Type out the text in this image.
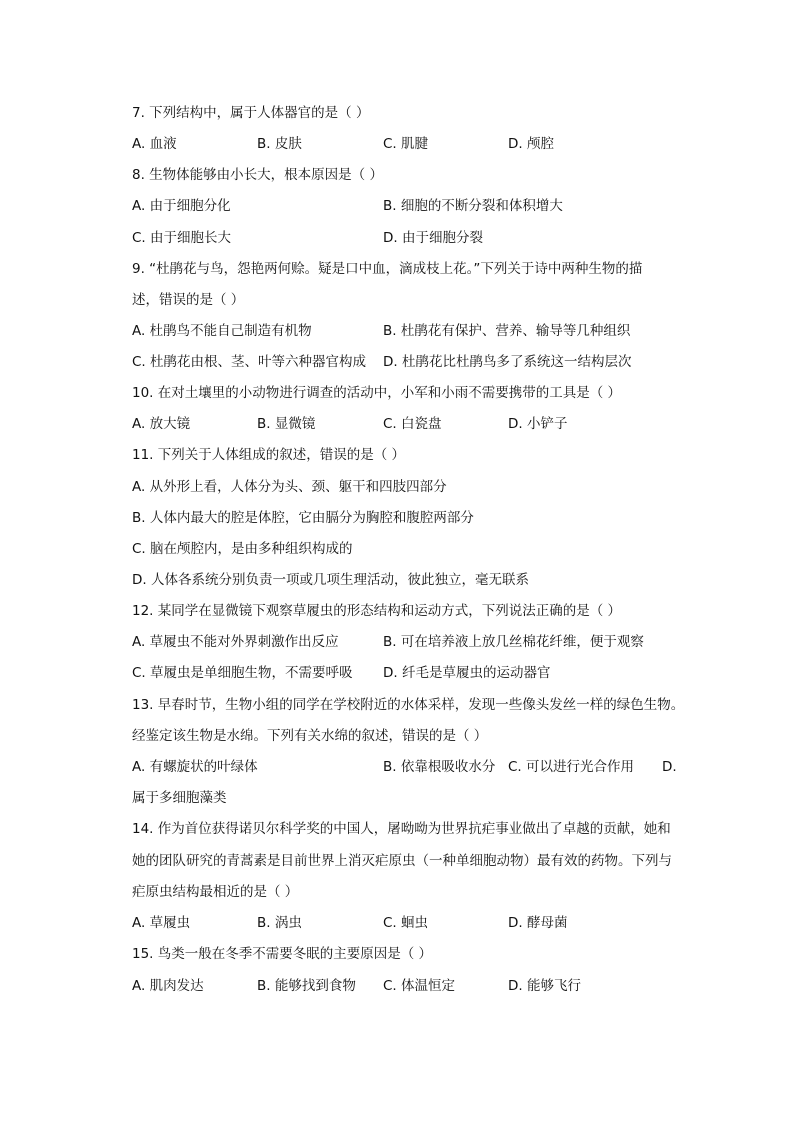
7. 下列结构中，属于人体器官的是（ ）
A. 血液	B. 皮肤	C. 肌腱	D. 颅腔
8. 生物体能够由小长大，根本原因是（ ）
A. 由于细胞分化	B. 细胞的不断分裂和体积增大
C. 由于细胞长大	D. 由于细胞分裂
9. “杜鹃花与鸟，怨艳两何赊。疑是口中血，滴成枝上花。”下列关于诗中两种生物的描
述，错误的是（ ）
A. 杜鹃鸟不能自己制造有机物	B. 杜鹃花有保护、营养、输导等几种组织
C. 杜鹃花由根、茎、叶等六种器官构成 D. 杜鹃花比杜鹃鸟多了系统这一结构层次
10. 在对土壤里的小动物进行调查的活动中，小军和小雨不需要携带的工具是（ ）
A. 放大镜	B. 显微镜	C. 白瓷盘	D. 小铲子
11. 下列关于人体组成的叙述，错误的是（ ）
A. 从外形上看，人体分为头、颈、躯干和四肢四部分
B. 人体内最大的腔是体腔，它由膈分为胸腔和腹腔两部分
C. 脑在颅腔内，是由多种组织构成的
D. 人体各系统分别负责一项或几项生理活动，彼此独立，毫无联系
12. 某同学在显微镜下观察草履虫的形态结构和运动方式，下列说法正确的是（ ）
A. 草履虫不能对外界刺激作出反应	B. 可在培养液上放几丝棉花纤维，便于观察
C. 草履虫是单细胞生物，不需要呼吸 D. 纤毛是草履虫的运动器官
13. 早春时节，生物小组的同学在学校附近的水体采样，发现一些像头发丝一样的绿色生物。
经鉴定该生物是水绵。下列有关水绵的叙述，错误的是（ ）
A. 有螺旋状的叶绿体	B. 依靠根吸收水分 C. 可以进行光合作用 D.
属于多细胞藻类
14. 作为首位获得诺贝尔科学奖的中国人，屠呦呦为世界抗疟事业做出了卓越的贡献，她和
她的团队研究的青蒿素是目前世界上消灭疟原虫（一种单细胞动物）最有效的药物。下列与
疟原虫结构最相近的是（ ）
A. 草履虫	B. 涡虫	C. 蛔虫	D. 酵母菌
15. 鸟类一般在冬季不需要冬眠的主要原因是（ ）
A. 肌肉发达	B. 能够找到食物 C. 体温恒定	D. 能够飞行
